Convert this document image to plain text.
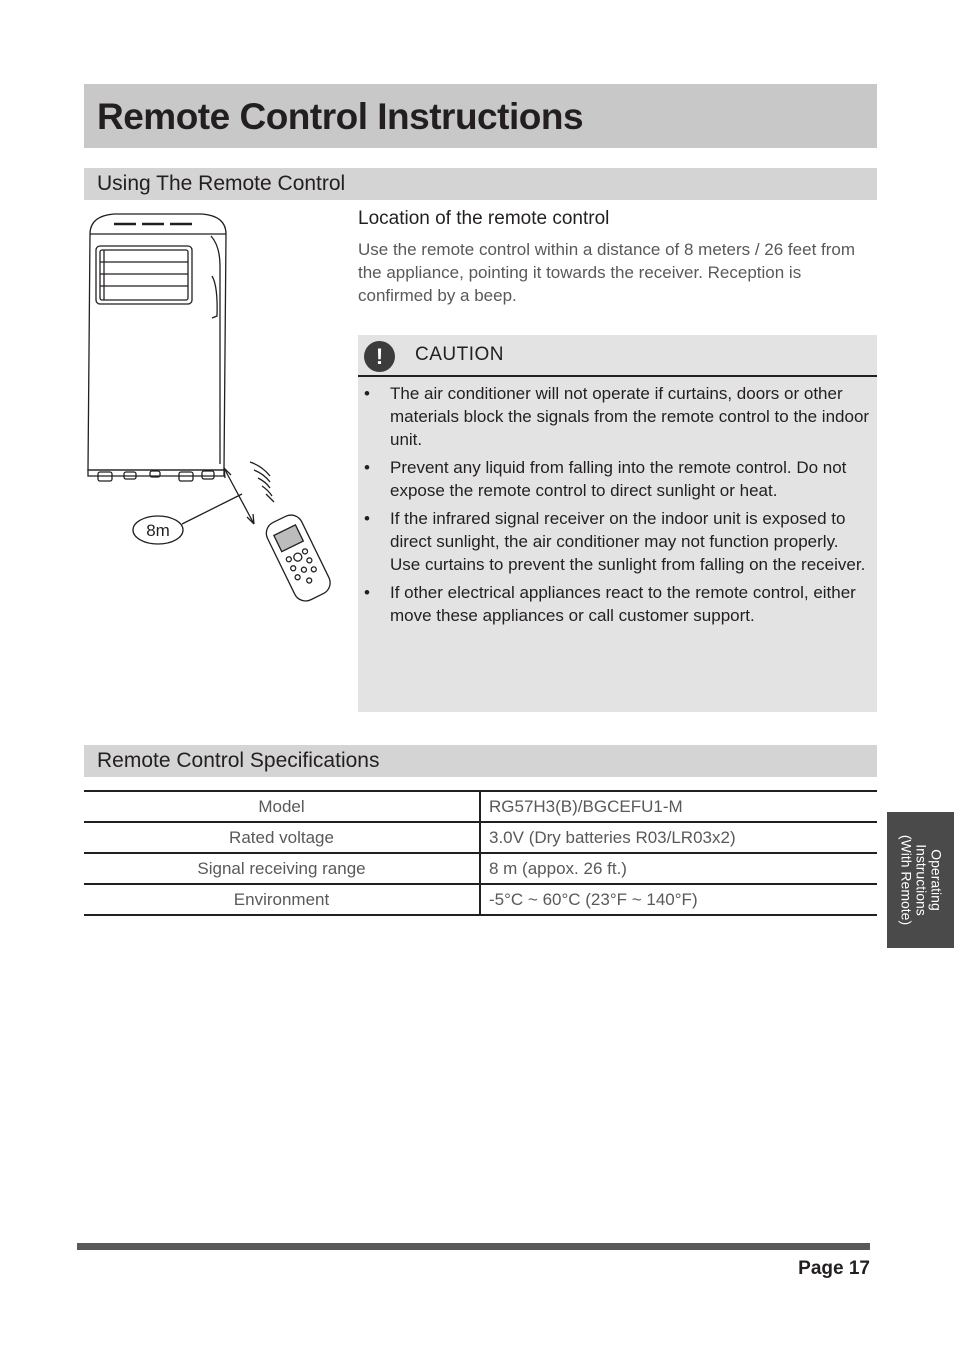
Remote Control Instructions
Using The Remote Control
8m
Location of the remote control
Use the remote control within a distance of 8 meters / 26 feet from the appliance, pointing it towards the receiver. Reception is confirmed by a beep.
!	CAUTION
• The air conditioner will not operate if curtains, doors or other materials block the signals from the remote control to the indoor unit.
• Prevent any liquid from falling into the remote control. Do not expose the remote control to direct sunlight or heat.
• If the infrared signal receiver on the indoor unit is exposed to direct sunlight, the air conditioner may not function properly. Use curtains to prevent the sunlight from falling on the receiver.
• If other electrical appliances react to the remote control, either move these appliances or call customer support.
Remote Control Specifications
Model	RG57H3(B)/BGCEFU1-M
Rated voltage	3.0V (Dry batteries R03/LR03x2)
Signal receiving range	8 m (appox. 26 ft.)
Environment	-5°C ~ 60°C (23°F ~ 140°F)	Operating
Instructions
(With Remote)
Page 17
